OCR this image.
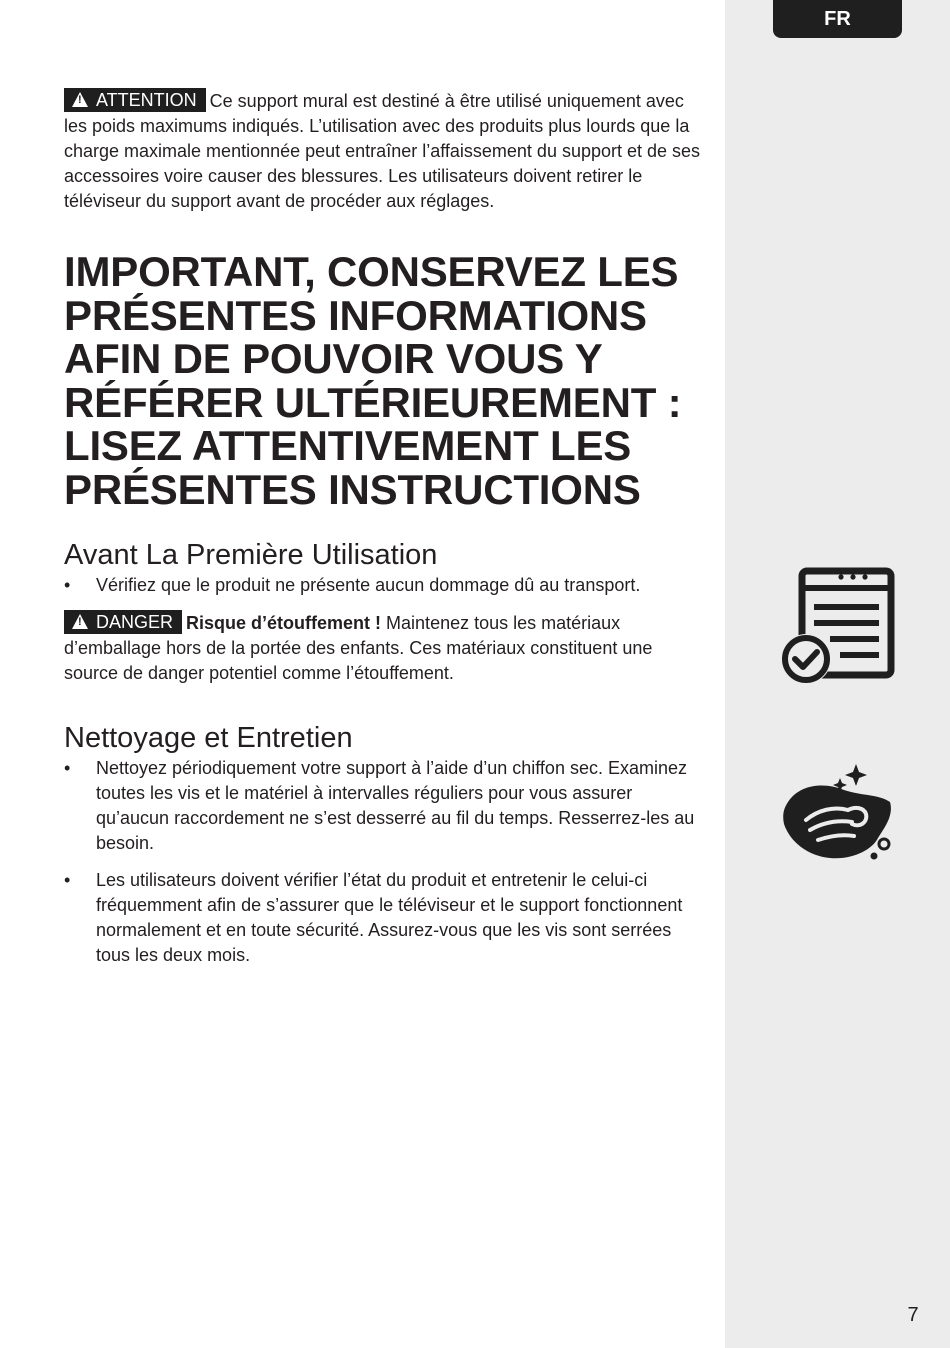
FR

!ATTENTION Ce support mural est destiné à être utilisé uniquement avec les poids maximums indiqués. L’utilisation avec des produits plus lourds que la charge maximale mentionnée peut entraîner l’affaissement du support et de ses accessoires voire causer des blessures. Les utilisateurs doivent retirer le téléviseur du support avant de procéder aux réglages.

IMPORTANT, CONSERVEZ LES PRÉSENTES INFORMATIONS AFIN DE POUVOIR VOUS Y RÉFÉRER ULTÉRIEUREMENT : LISEZ ATTENTIVEMENT LES PRÉSENTES INSTRUCTIONS
Avant La Première Utilisation
• Vérifiez que le produit ne présente aucun dommage dû au transport.

!DANGER Risque d’étouffement ! Maintenez tous les matériaux d’emballage hors de la portée des enfants. Ces matériaux constituent une source de danger potentiel comme l’étouffement.

Nettoyage et Entretien
• Nettoyez périodiquement votre support à l’aide d’un chiffon sec. Examinez toutes les vis et le matériel à intervalles réguliers pour vous assurer qu’aucun raccordement ne s’est desserré au fil du temps. Resserrez-les au besoin.
• Les utilisateurs doivent vérifier l’état du produit et entretenir le celui-ci fréquemment afin de s’assurer que le téléviseur et le support fonctionnent normalement et en toute sécurité. Assurez-vous que les vis sont serrées tous les deux mois.
7
